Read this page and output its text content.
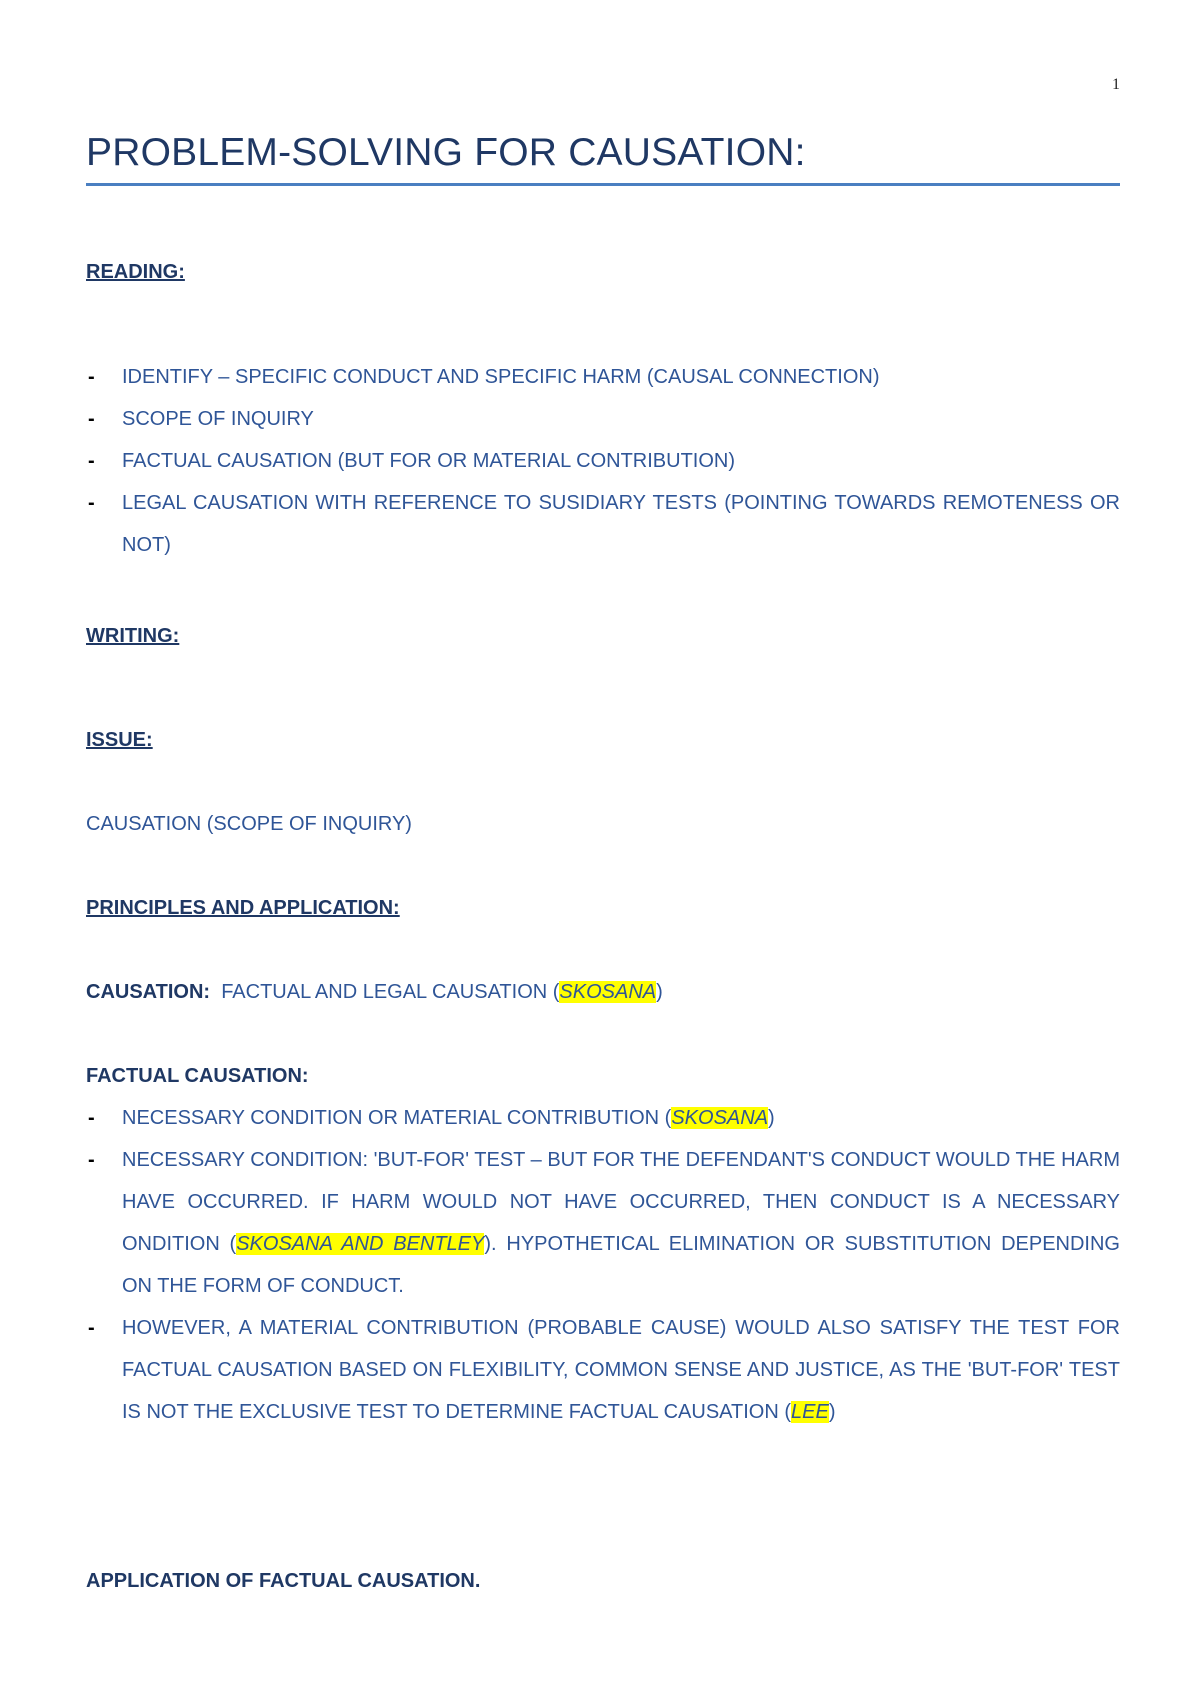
1
PROBLEM-SOLVING FOR CAUSATION:
READING:
- IDENTIFY – SPECIFIC CONDUCT AND SPECIFIC HARM (CAUSAL CONNECTION)
- SCOPE OF INQUIRY
- FACTUAL CAUSATION (BUT FOR OR MATERIAL CONTRIBUTION)
- LEGAL CAUSATION WITH REFERENCE TO SUSIDIARY TESTS (POINTING TOWARDS REMOTENESS OR NOT)
WRITING:
ISSUE:
CAUSATION (SCOPE OF INQUIRY)
PRINCIPLES AND APPLICATION:
CAUSATION: FACTUAL AND LEGAL CAUSATION (SKOSANA)
FACTUAL CAUSATION:
- NECESSARY CONDITION OR MATERIAL CONTRIBUTION (SKOSANA)
- NECESSARY CONDITION: 'BUT-FOR' TEST – BUT FOR THE DEFENDANT'S CONDUCT WOULD THE HARM HAVE OCCURRED. IF HARM WOULD NOT HAVE OCCURRED, THEN CONDUCT IS A NECESSARY ONDITION (SKOSANA AND BENTLEY). HYPOTHETICAL ELIMINATION OR SUBSTITUTION DEPENDING ON THE FORM OF CONDUCT.
- HOWEVER, A MATERIAL CONTRIBUTION (PROBABLE CAUSE) WOULD ALSO SATISFY THE TEST FOR FACTUAL CAUSATION BASED ON FLEXIBILITY, COMMON SENSE AND JUSTICE, AS THE 'BUT-FOR' TEST IS NOT THE EXCLUSIVE TEST TO DETERMINE FACTUAL CAUSATION (LEE)
APPLICATION OF FACTUAL CAUSATION.
